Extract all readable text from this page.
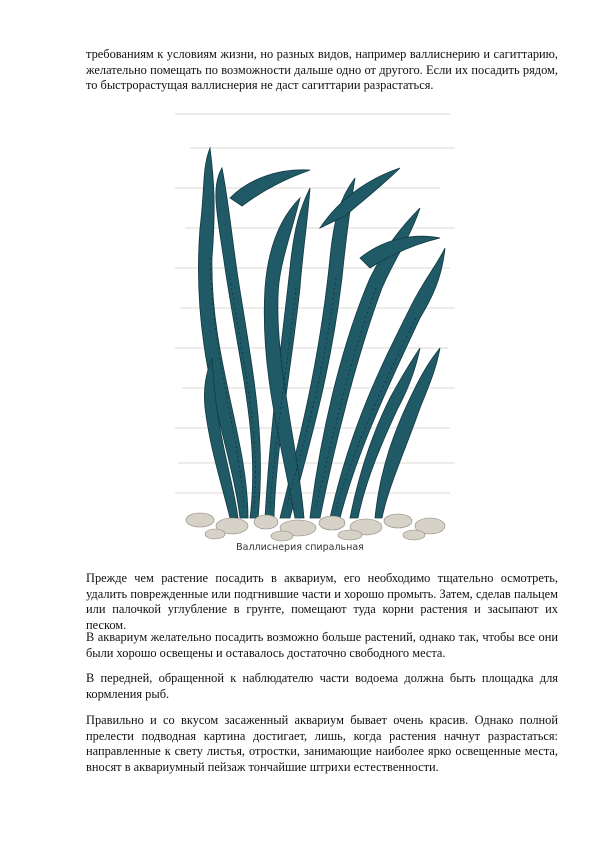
требованиям к условиям жизни, но разных видов, например валлиснерию и сагиттарию, желательно помещать по возможности дальше одно от другого. Если их посадить рядом, то быстрорастущая валлиснерия не даст сагиттарии разрастаться.

Валлиснерия спиральная

Прежде чем растение посадить в аквариум, его необходимо тщательно осмотреть, удалить поврежденные или подгнившие части и хорошо промыть. Затем, сделав пальцем или палочкой углубление в грунте, помещают туда корни растения и засыпают их песком.

В аквариум желательно посадить возможно больше растений, однако так, чтобы все они были хорошо освещены и оставалось достаточно свободного места.

В передней, обращенной к наблюдателю части водоема должна быть площадка для кормления рыб.

Правильно и со вкусом засаженный аквариум бывает очень красив. Однако полной прелести подводная картина достигает, лишь, когда растения начнут разрастаться: направленные к свету листья, отростки, занимающие наиболее ярко освещенные места, вносят в аквариумный пейзаж тончайшие штрихи естественности.
